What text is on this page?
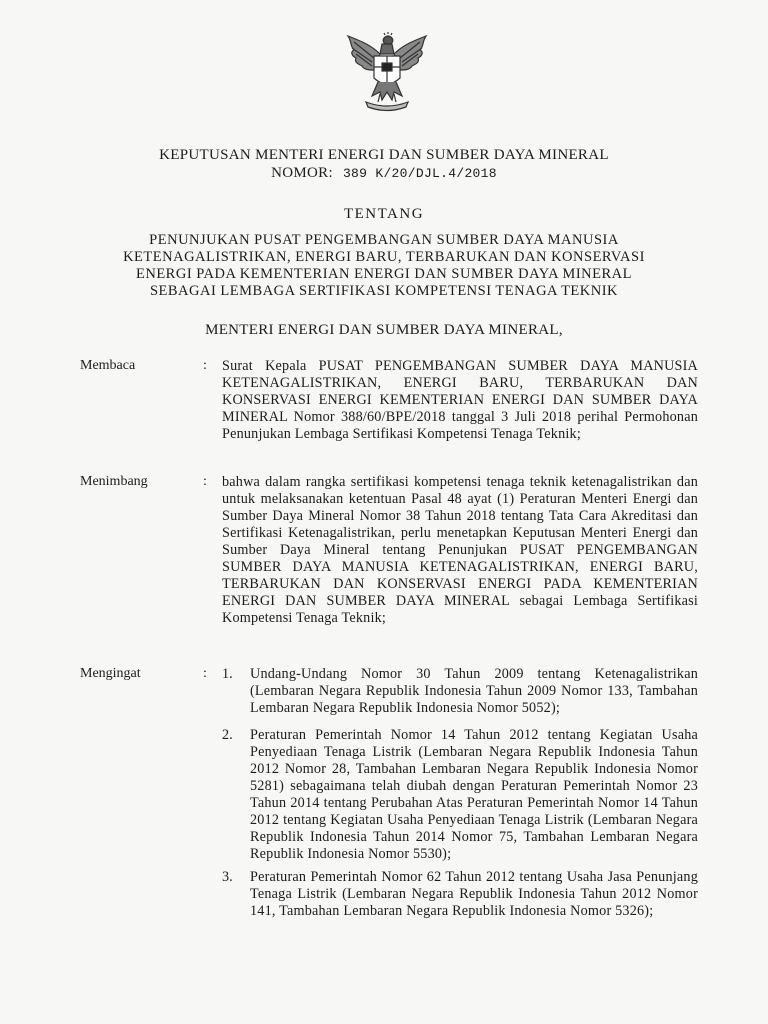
KEPUTUSAN MENTERI ENERGI DAN SUMBER DAYA MINERAL
NOMOR: 389 K/20/DJL.4/2018
TENTANG
PENUNJUKAN PUSAT PENGEMBANGAN SUMBER DAYA MANUSIA
KETENAGALISTRIKAN, ENERGI BARU, TERBARUKAN DAN KONSERVASI
ENERGI PADA KEMENTERIAN ENERGI DAN SUMBER DAYA MINERAL
SEBAGAI LEMBAGA SERTIFIKASI KOMPETENSI TENAGA TEKNIK
MENTERI ENERGI DAN SUMBER DAYA MINERAL,
Membaca	: Surat Kepala PUSAT PENGEMBANGAN SUMBER DAYA MANUSIA KETENAGALISTRIKAN, ENERGI BARU, TERBARUKAN DAN KONSERVASI ENERGI KEMENTERIAN ENERGI DAN SUMBER DAYA MINERAL Nomor 388/60/BPE/2018 tanggal 3 Juli 2018 perihal Permohonan Penunjukan Lembaga Sertifikasi Kompetensi Tenaga Teknik;
Menimbang	: bahwa dalam rangka sertifikasi kompetensi tenaga teknik ketenagalistrikan dan untuk melaksanakan ketentuan Pasal 48 ayat (1) Peraturan Menteri Energi dan Sumber Daya Mineral Nomor 38 Tahun 2018 tentang Tata Cara Akreditasi dan Sertifikasi Ketenagalistrikan, perlu menetapkan Keputusan Menteri Energi dan Sumber Daya Mineral tentang Penunjukan PUSAT PENGEMBANGAN SUMBER DAYA MANUSIA KETENAGALISTRIKAN, ENERGI BARU, TERBARUKAN DAN KONSERVASI ENERGI PADA KEMENTERIAN ENERGI DAN SUMBER DAYA MINERAL sebagai Lembaga Sertifikasi Kompetensi Tenaga Teknik;
Mengingat	: 1. Undang-Undang Nomor 30 Tahun 2009 tentang Ketenagalistrikan (Lembaran Negara Republik Indonesia Tahun 2009 Nomor 133, Tambahan Lembaran Negara Republik Indonesia Nomor 5052);
2. Peraturan Pemerintah Nomor 14 Tahun 2012 tentang Kegiatan Usaha Penyediaan Tenaga Listrik (Lembaran Negara Republik Indonesia Tahun 2012 Nomor 28, Tambahan Lembaran Negara Republik Indonesia Nomor 5281) sebagaimana telah diubah dengan Peraturan Pemerintah Nomor 23 Tahun 2014 tentang Perubahan Atas Peraturan Pemerintah Nomor 14 Tahun 2012 tentang Kegiatan Usaha Penyediaan Tenaga Listrik (Lembaran Negara Republik Indonesia Tahun 2014 Nomor 75, Tambahan Lembaran Negara Republik Indonesia Nomor 5530);
3. Peraturan Pemerintah Nomor 62 Tahun 2012 tentang Usaha Jasa Penunjang Tenaga Listrik (Lembaran Negara Republik Indonesia Tahun 2012 Nomor 141, Tambahan Lembaran Negara Republik Indonesia Nomor 5326);
